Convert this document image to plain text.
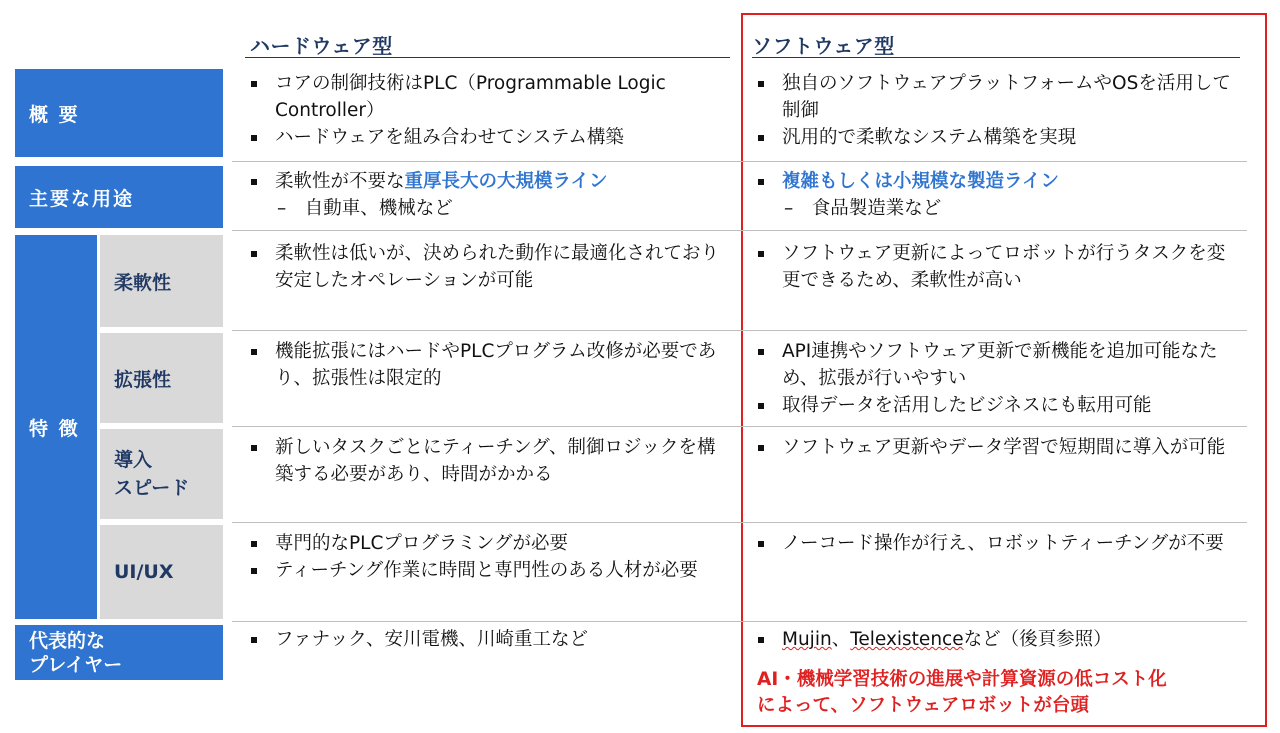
ハードウェア型	ソフトウェア型
概 要
主要な用途
特 徴
代表的な
プレイヤー
柔軟性
拡張性
導入
スピード
UI/UX

コアの制御技術はPLC（Programmable Logic Controller）

ハードウェアを組み合わせてシステム構築

独自のソフトウェアプラットフォームやOSを活用して制御

汎用的で柔軟なシステム構築を実現

柔軟性が不要な重厚長大の大規模ライン

–　自動車、機械など

複雑もしくは小規模な製造ライン

–　食品製造業など

柔軟性は低いが、決められた動作に最適化されており安定したオペレーションが可能

ソフトウェア更新によってロボットが行うタスクを変更できるため、柔軟性が高い

機能拡張にはハードやPLCプログラム改修が必要であり、拡張性は限定的

API連携やソフトウェア更新で新機能を追加可能なため、拡張が行いやすい

取得データを活用したビジネスにも転用可能

新しいタスクごとにティーチング、制御ロジックを構築する必要があり、時間がかかる

ソフトウェア更新やデータ学習で短期間に導入が可能

専門的なPLCプログラミングが必要

ティーチング作業に時間と専門性のある人材が必要

ノーコード操作が行え、ロボットティーチングが不要

ファナック、安川電機、川崎重工など	Mujin、Telexistenceなど（後頁参照）

AI・機械学習技術の進展や計算資源の低コスト化
によって、ソフトウェアロボットが台頭
